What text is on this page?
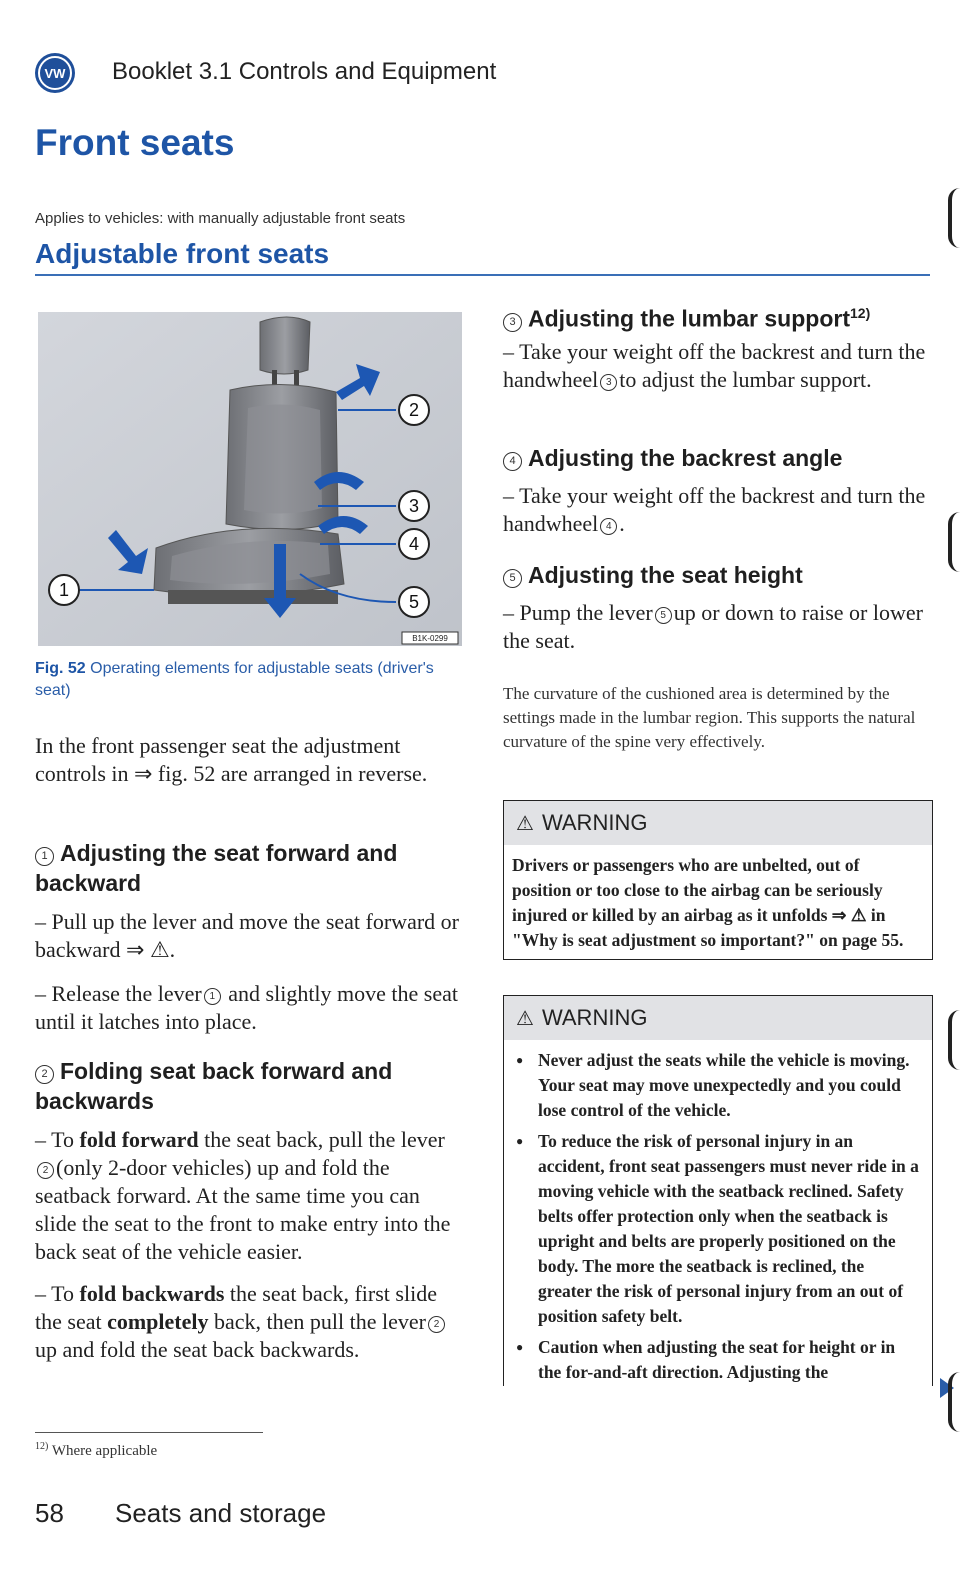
VW Booklet 3.1 Controls and Equipment
Front seats
Applies to vehicles: with manually adjustable front seats
Adjustable front seats
2
3
4
5
1
B1K-0299
Fig. 52 Operating elements for adjustable seats (driver's seat)
In the front passenger seat the adjustment controls in ⇒ fig. 52 are arranged in reverse.
1 Adjusting the seat forward and backward
– Pull up the lever and move the seat forward or backward ⇒ ⚠.
– Release the lever 1 and slightly move the seat until it latches into place.
2 Folding seat back forward and backwards
– To fold forward the seat back, pull the lever2 (only 2-door vehicles) up and fold the seatback forward. At the same time you can slide the seat to the front to make entry into the back seat of the vehicle easier.
– To fold backwards the seat back, first slide the seat completely back, then pull the lever 2up and fold the seat back backwards.
3 Adjusting the lumbar support$^{12)}$
– Take your weight off the backrest and turn the handwheel 3 to adjust the lumbar support.
4 Adjusting the backrest angle
– Take your weight off the backrest and turn the handwheel 4 .
5 Adjusting the seat height
– Pump the lever 5 up or down to raise or lower the seat.
The curvature of the cushioned area is determined by the settings made in the lumbar region. This supports the natural curvature of the spine very effectively.
⚠ WARNING
Drivers or passengers who are unbelted, out of position or too close to the airbag can be seriously injured or killed by an airbag as it unfolds ⇒ ⚠ in "Why is seat adjustment so important?" on page 55.
⚠ WARNING
● Never adjust the seats while the vehicle is moving. Your seat may move unexpectedly and you could lose control of the vehicle.
● To reduce the risk of personal injury in an accident, front seat passengers must never ride in a moving vehicle with the seatback reclined. Safety belts offer protection only when the seatback is upright and belts are properly positioned on the body. The more the seatback is reclined, the greater the risk of personal injury from an out of position safety belt.
● Caution when adjusting the seat for height or in the for-and-aft direction. Adjusting the
$^{12)}$ Where applicable
58 Seats and storage
